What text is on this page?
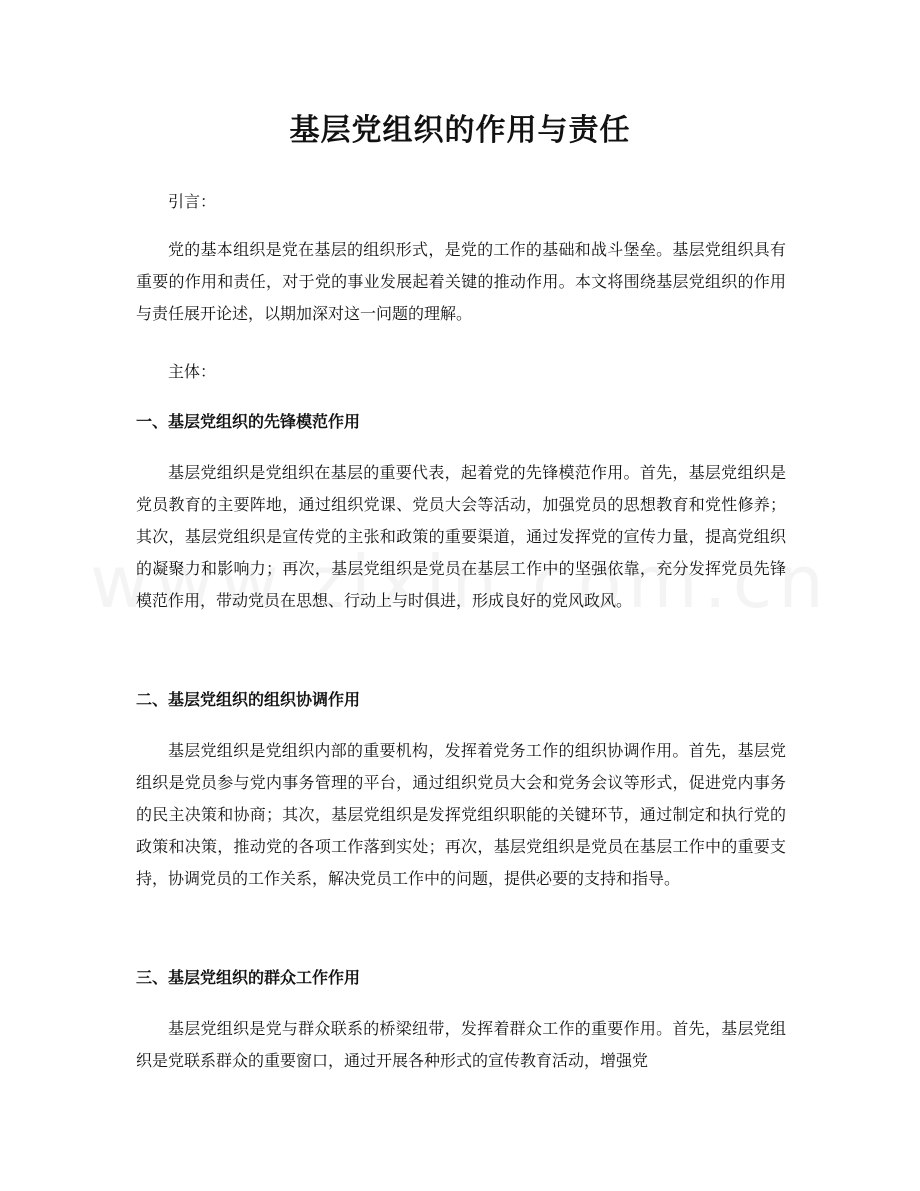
基层党组织的作用与责任

引言：

党的基本组织是党在基层的组织形式，是党的工作的基础和战斗堡垒。基层党组织具有重要的作用和责任，对于党的事业发展起着关键的推动作用。本文将围绕基层党组织的作用与责任展开论述，以期加深对这一问题的理解。

主体：

一、基层党组织的先锋模范作用

基层党组织是党组织在基层的重要代表，起着党的先锋模范作用。首先，基层党组织是党员教育的主要阵地，通过组织党课、党员大会等活动，加强党员的思想教育和党性修养；其次，基层党组织是宣传党的主张和政策的重要渠道，通过发挥党的宣传力量，提高党组织的凝聚力和影响力；再次，基层党组织是党员在基层工作中的坚强依靠，充分发挥党员先锋模范作用，带动党员在思想、行动上与时俱进，形成良好的党风政风。

二、基层党组织的组织协调作用

基层党组织是党组织内部的重要机构，发挥着党务工作的组织协调作用。首先，基层党组织是党员参与党内事务管理的平台，通过组织党员大会和党务会议等形式，促进党内事务的民主决策和协商；其次，基层党组织是发挥党组织职能的关键环节，通过制定和执行党的政策和决策，推动党的各项工作落到实处；再次，基层党组织是党员在基层工作中的重要支持，协调党员的工作关系，解决党员工作中的问题，提供必要的支持和指导。

三、基层党组织的群众工作作用

基层党组织是党与群众联系的桥梁纽带，发挥着群众工作的重要作用。首先，基层党组织是党联系群众的重要窗口，通过开展各种形式的宣传教育活动，增强党
